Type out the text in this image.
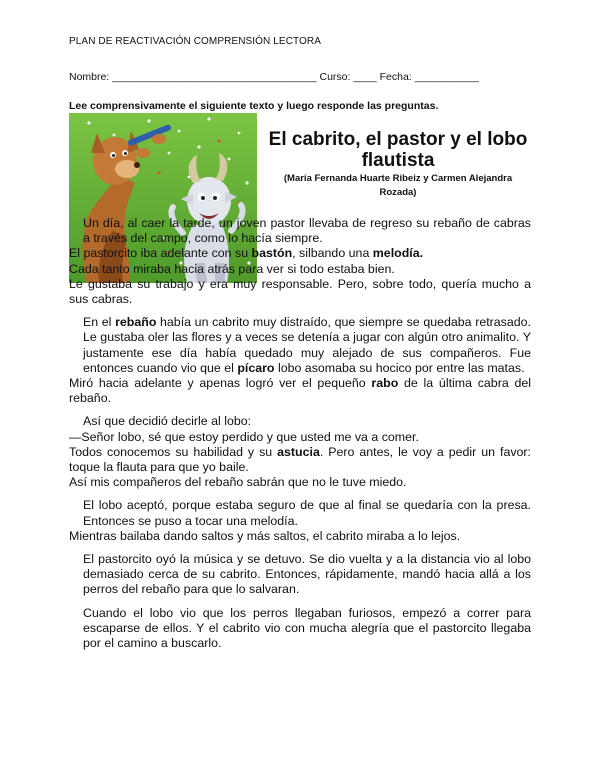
PLAN DE REACTIVACIÓN COMPRENSIÓN LECTORA
Nombre: ___________________________________ Curso: ____ Fecha: ___________
Lee comprensivamente el siguiente texto y luego responde las preguntas.
El cabrito, el pastor y el lobo flautista
(María Fernanda Huarte Ribeiz y Carmen Alejandra Rozada)

Un día, al caer la tarde, un joven pastor llevaba de regreso su rebaño de cabras a través del campo, como lo hacía siempre.

El pastorcito iba adelante con su bastón, silbando una melodía.

Cada tanto miraba hacia atrás para ver si todo estaba bien.

Le gustaba su trabajo y era muy responsable. Pero, sobre todo, quería mucho a sus cabras.

En el rebaño había un cabrito muy distraído, que siempre se quedaba retrasado. Le gustaba oler las flores y a veces se detenía a jugar con algún otro animalito. Y justamente ese día había quedado muy alejado de sus compañeros. Fue entonces cuando vio que el pícaro lobo asomaba su hocico por entre las matas.

Miró hacia adelante y apenas logró ver el pequeño rabo de la última cabra del rebaño.

Así que decidió decirle al lobo:

—Señor lobo, sé que estoy perdido y que usted me va a comer.

Todos conocemos su habilidad y su astucia. Pero antes, le voy a pedir un favor: toque la flauta para que yo baile.

Así mis compañeros del rebaño sabrán que no le tuve miedo.

El lobo aceptó, porque estaba seguro de que al final se quedaría con la presa. Entonces se puso a tocar una melodía.

Mientras bailaba dando saltos y más saltos, el cabrito miraba a lo lejos.

El pastorcito oyó la música y se detuvo. Se dio vuelta y a la distancia vio al lobo demasiado cerca de su cabrito. Entonces, rápidamente, mandó hacia allá a los perros del rebaño para que lo salvaran.

Cuando el lobo vio que los perros llegaban furiosos, empezó a correr para escaparse de ellos. Y el cabrito vio con mucha alegría que el pastorcito llegaba por el camino a buscarlo.
